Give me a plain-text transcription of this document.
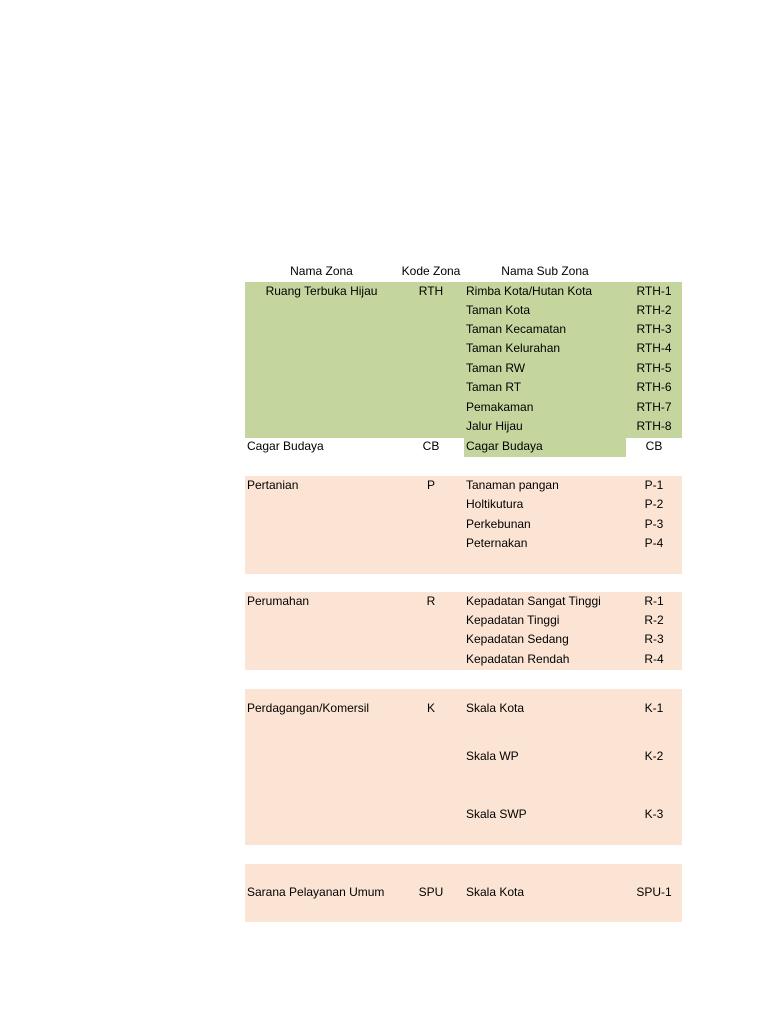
Nama Zona	Kode Zona	Nama Sub Zona
Ruang Terbuka Hijau	RTH	Rimba Kota/Hutan Kota	RTH-1
Taman Kota	RTH-2
Taman Kecamatan	RTH-3
Taman Kelurahan	RTH-4
Taman RW	RTH-5
Taman RT	RTH-6
Pemakaman	RTH-7
Jalur Hijau	RTH-8
Cagar Budaya	CB	Cagar Budaya	CB
Pertanian	P	Tanaman pangan	P-1
Holtikutura	P-2
Perkebunan	P-3
Peternakan	P-4
Perumahan	R	Kepadatan Sangat Tinggi	R-1
Kepadatan Tinggi	R-2
Kepadatan Sedang	R-3
Kepadatan Rendah	R-4
Perdagangan/Komersil	K	Skala Kota	K-1
Skala WP	K-2
Skala SWP	K-3
Sarana Pelayanan Umum	SPU	Skala Kota	SPU-1
